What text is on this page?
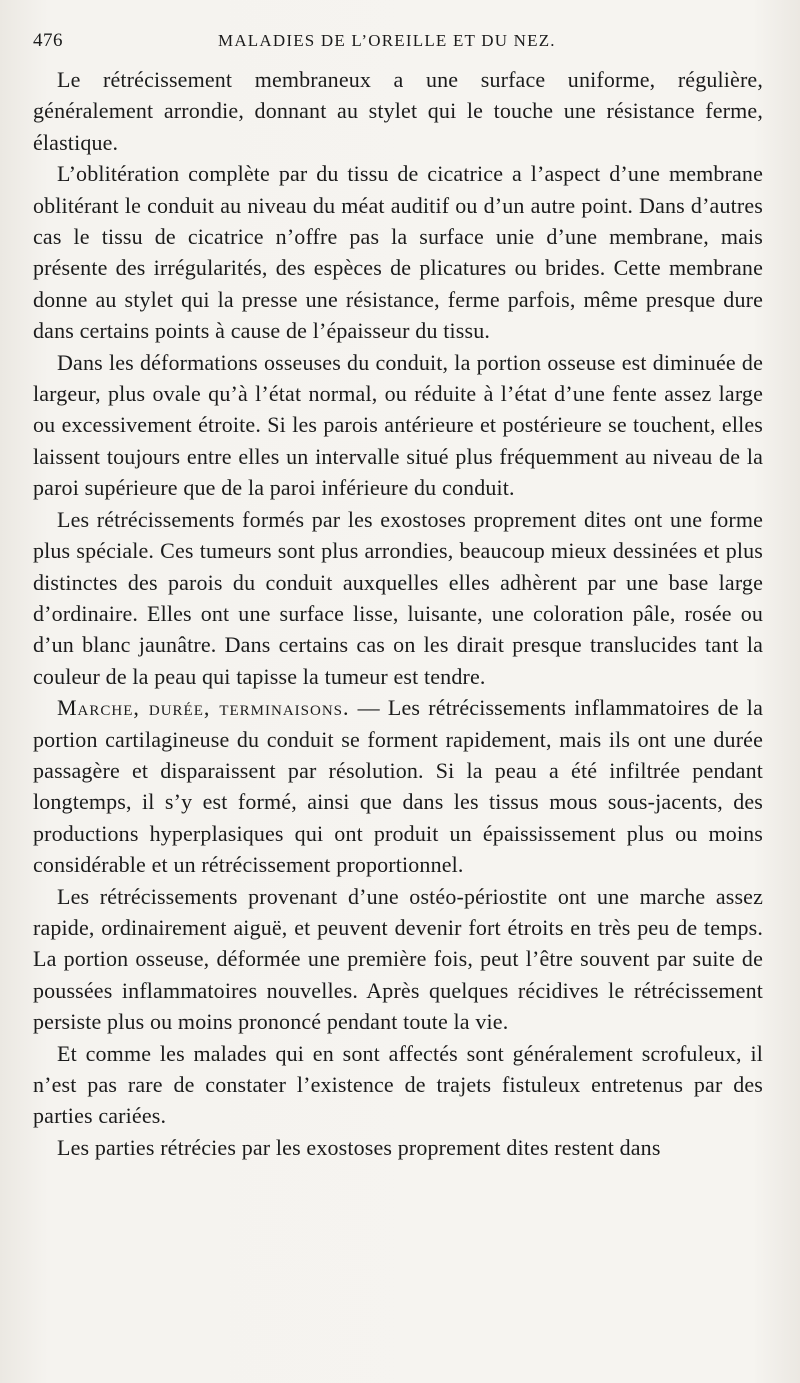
476	MALADIES DE L’OREILLE ET DU NEZ.

Le rétrécissement membraneux a une surface uniforme, régulière, généralement arrondie, donnant au stylet qui le touche une résistance ferme, élastique.

L’oblitération complète par du tissu de cicatrice a l’aspect d’une membrane oblitérant le conduit au niveau du méat auditif ou d’un autre point. Dans d’autres cas le tissu de cicatrice n’offre pas la surface unie d’une membrane, mais présente des irrégularités, des espèces de plicatures ou brides. Cette membrane donne au stylet qui la presse une résistance, ferme parfois, même presque dure dans certains points à cause de l’épaisseur du tissu.

Dans les déformations osseuses du conduit, la portion osseuse est diminuée de largeur, plus ovale qu’à l’état normal, ou réduite à l’état d’une fente assez large ou excessivement étroite. Si les parois antérieure et postérieure se touchent, elles laissent toujours entre elles un intervalle situé plus fréquemment au niveau de la paroi supérieure que de la paroi inférieure du conduit.

Les rétrécissements formés par les exostoses proprement dites ont une forme plus spéciale. Ces tumeurs sont plus arrondies, beaucoup mieux dessinées et plus distinctes des parois du conduit auxquelles elles adhèrent par une base large d’ordinaire. Elles ont une surface lisse, luisante, une coloration pâle, rosée ou d’un blanc jaunâtre. Dans certains cas on les dirait presque translucides tant la couleur de la peau qui tapisse la tumeur est tendre.

Marche, durée, terminaisons. — Les rétrécissements inflammatoires de la portion cartilagineuse du conduit se forment rapidement, mais ils ont une durée passagère et disparaissent par résolution. Si la peau a été infiltrée pendant longtemps, il s’y est formé, ainsi que dans les tissus mous sous-jacents, des productions hyperplasiques qui ont produit un épaississement plus ou moins considérable et un rétrécissement proportionnel.

Les rétrécissements provenant d’une ostéo-périostite ont une marche assez rapide, ordinairement aiguë, et peuvent devenir fort étroits en très peu de temps. La portion osseuse, déformée une première fois, peut l’être souvent par suite de poussées inflammatoires nouvelles. Après quelques récidives le rétrécissement persiste plus ou moins prononcé pendant toute la vie.

Et comme les malades qui en sont affectés sont généralement scrofuleux, il n’est pas rare de constater l’existence de trajets fistuleux entretenus par des parties cariées.

Les parties rétrécies par les exostoses proprement dites restent dans
